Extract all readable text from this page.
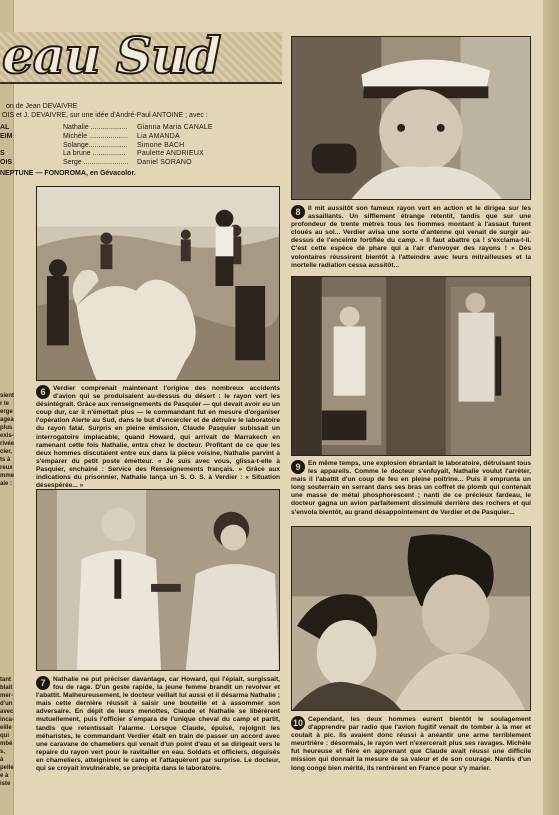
eau Sud
on de Jean DEVAIVRE
OIS et J. DEVAIVRE, sur une idée d'André-Paul ANTOINE ; avec :
AL	Nathalie ................... Gianna Maria CANALE
EIM	Michèle .................... Lia AMANDA
Solange.................... Simone BACH
S	La brune ................. Paulette ANDRIEUX
OIS	Serge ....................... Daniel SORANO
NEPTUNE — FONOROMA, en Gévacolor.
sient
r le
erge
agea
plus
exis-
rivée
cier,
ts à
reux
mme
aie :
tant
blait
mer-
d'un
avec
inca-
eille
qui
mbé
s,
à
pelle
e à
iste
6	Verdier comprenait maintenant l'origine des nombreux accidents d'avion qui se produisaient au-dessus du désert : le rayon vert les désintégrait. Grâce aux renseignements de Pasquier — qui devait avoir eu un coup dur, car il n'émettait plus — le commandant fut en mesure d'organiser l'opération Alerte au Sud, dans le but d'encercler et de détruire le laboratoire du rayon fatal. Surpris en pleine émission, Claude Pasquier subissait un interrogatoire implacable, quand Howard, qui arrivait de Marrakech en ramenant cette fois Nathalie, entra chez le docteur. Profitant de ce que les deux hommes discutaient entre eux dans la pièce voisine, Nathalie parvint à s'emparer du petit poste émetteur. « Je suis avec vous, glissa-t-elle à Pasquier, enchaîné : Service des Renseignements français. » Grâce aux indications du prisonnier, Nathalie lança un S. O. S. à Verdier : « Situation désespérée... »
7	Nathalie ne put préciser davantage, car Howard, qui l'épiait, surgissait, fou de rage. D'un geste rapide, la jeune femme brandit un revolver et l'abattit. Malheureusement, le docteur veillait lui aussi et il désarma Nathalie ; mais cette dernière réussit à saisir une bouteille et à assommer son adversaire. En dépit de leurs menottes, Claude et Nathalie se libérèrent mutuellement, puis l'officier s'empara de l'unique cheval du camp et partit, tandis que retentissait l'alarme. Lorsque Claude, épuisé, rejoignit les méharistes, le commandant Verdier était en train de passer un accord avec une caravane de chameliers qui venait d'un point d'eau et se dirigeait vers le repaire du rayon vert pour le ravitailler en eau. Soldats et officiers, déguisés en chameliers, atteignirent le camp et l'attaquèrent par surprise. Le docteur, qui se croyait invulnérable, se précipita dans le laboratoire.
8	Il mit aussitôt son fameux rayon vert en action et le dirigea sur les assaillants. Un sifflement étrange retentit, tandis que sur une profondeur de trente mètres tous les hommes montant à l'assaut furent cloués au sol... Verdier avisa une sorte d'antenne qui venait de surgir au-dessus de l'enceinte fortifiée du camp. « Il faut abattre ça ! s'exclama-t-il. C'est cette espèce de phare qui a l'air d'envoyer des rayons ! » Des volontaires réussirent bientôt à l'atteindre avec leurs mitrailleuses et la mortelle radiation cessa aussitôt...
9	En même temps, une explosion ébranlait le laboratoire, détruisant tous les appareils. Comme le docteur s'enfuyait, Nathalie voulut l'arrêter, mais il l'abattit d'un coup de feu en pleine poitrine... Puis il emprunta un long souterrain en serrant dans ses bras un coffret de plomb qui contenait une masse de métal phosphorescent ; nanti de ce précieux fardeau, le docteur gagna un avion parfaitement dissimulé derrière des rochers et qui s'envola bientôt, au grand désappointement de Verdier et de Pasquier...
10 Cependant, les deux hommes eurent bientôt le soulagement d'apprendre par radio que l'avion fugitif venait de tomber à la mer et coulait à pic. Ils avaient donc réussi à anéantir une arme terriblement meurtrière : désormais, le rayon vert n'exercerait plus ses ravages. Michèle fut heureuse et fière en apprenant que Claude avait réussi une difficile mission qui donnait la mesure de sa valeur et de son courage. Nantis d'un long congé bien mérité, ils rentrèrent en France pour s'y marier.
